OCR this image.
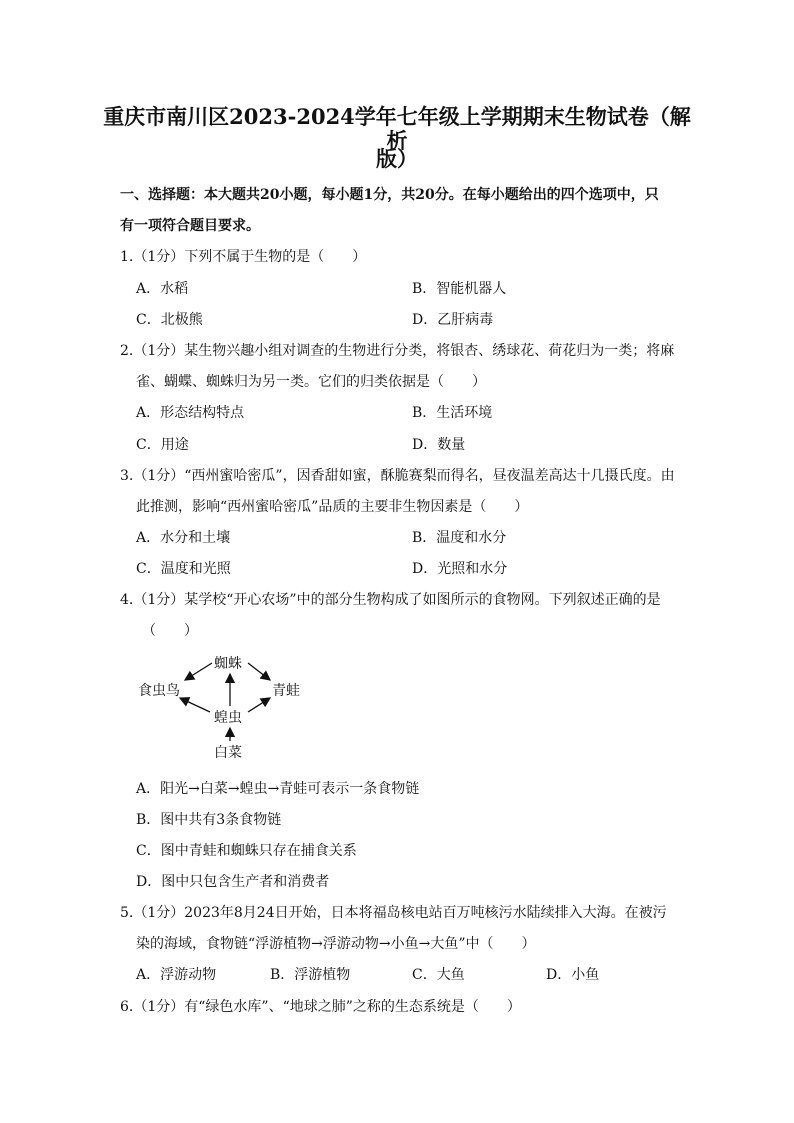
重庆市南川区2023-2024学年七年级上学期期末生物试卷（解析
版）
一、选择题：本大题共20小题，每小题1分，共20分。在每小题给出的四个选项中，只
有一项符合题目要求。
1.（1分）下列不属于生物的是（　　）
A．水稻	B．智能机器人
C．北极熊	D．乙肝病毒
2.（1分）某生物兴趣小组对调查的生物进行分类，将银杏、绣球花、荷花归为一类；将麻
雀、蝴蝶、蜘蛛归为另一类。它们的归类依据是（　　）
A．形态结构特点	B．生活环境
C．用途	D．数量
3.（1分）“西州蜜哈密瓜”，因香甜如蜜，酥脆赛梨而得名，昼夜温差高达十几摄氏度。由
此推测，影响“西州蜜哈密瓜”品质的主要非生物因素是（　　）
A．水分和土壤	B．温度和水分
C．温度和光照	D．光照和水分
4.（1分）某学校“开心农场”中的部分生物构成了如图所示的食物网。下列叙述正确的是
（　　）
蜘蛛
食虫鸟	青蛙
蝗虫
白菜
A．阳光→白菜→蝗虫→青蛙可表示一条食物链
B．图中共有3条食物链
C．图中青蛙和蜘蛛只存在捕食关系
D．图中只包含生产者和消费者
5.（1分）2023年8月24日开始，日本将福岛核电站百万吨核污水陆续排入大海。在被污
染的海域，食物链“浮游植物→浮游动物→小鱼→大鱼”中（　　）
A．浮游动物	B．浮游植物	C．大鱼	D．小鱼
6.（1分）有“绿色水库”、“地球之肺”之称的生态系统是（　　）
